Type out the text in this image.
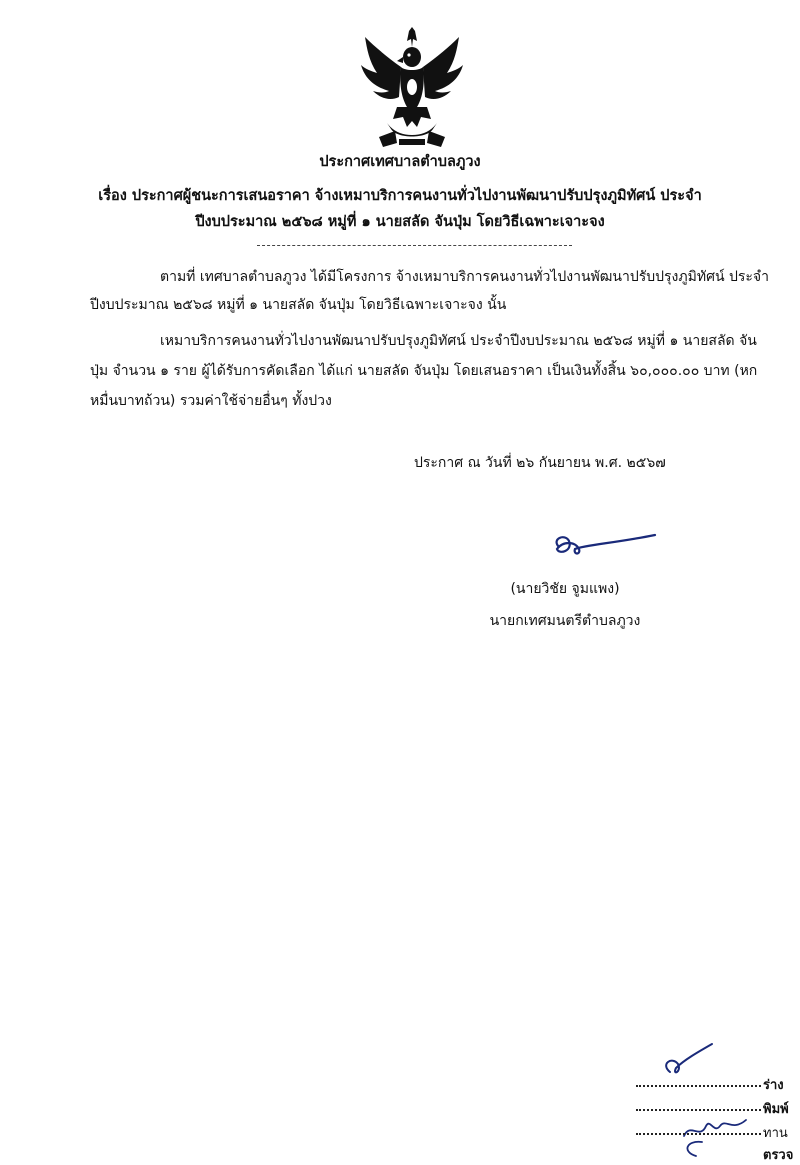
ประกาศเทศบาลตำบลภูวง
เรื่อง ประกาศผู้ชนะการเสนอราคา จ้างเหมาบริการคนงานทั่วไปงานพัฒนาปรับปรุงภูมิทัศน์ ประจำ
ปีงบประมาณ ๒๕๖๘ หมู่ที่ ๑ นายสลัด จันปุ่ม โดยวิธีเฉพาะเจาะจง
ตามที่ เทศบาลตำบลภูวง ได้มีโครงการ จ้างเหมาบริการคนงานทั่วไปงานพัฒนาปรับปรุงภูมิทัศน์ ประจำ
ปีงบประมาณ ๒๕๖๘ หมู่ที่ ๑ นายสลัด จันปุ่ม โดยวิธีเฉพาะเจาะจง นั้น
เหมาบริการคนงานทั่วไปงานพัฒนาปรับปรุงภูมิทัศน์ ประจำปีงบประมาณ ๒๕๖๘ หมู่ที่ ๑ นายสลัด จัน
ปุ่ม จำนวน ๑ ราย ผู้ได้รับการคัดเลือก ได้แก่ นายสลัด จันปุ่ม โดยเสนอราคา เป็นเงินทั้งสิ้น ๖๐,๐๐๐.๐๐ บาท (หก
หมื่นบาทถ้วน) รวมค่าใช้จ่ายอื่นๆ ทั้งปวง
ประกาศ ณ วันที่ ๒๖ กันยายน พ.ศ. ๒๕๖๗
(นายวิชัย จูมแพง)
นายกเทศมนตรีตำบลภูวง
ร่าง
พิมพ์
ทาน
ตรวจ
